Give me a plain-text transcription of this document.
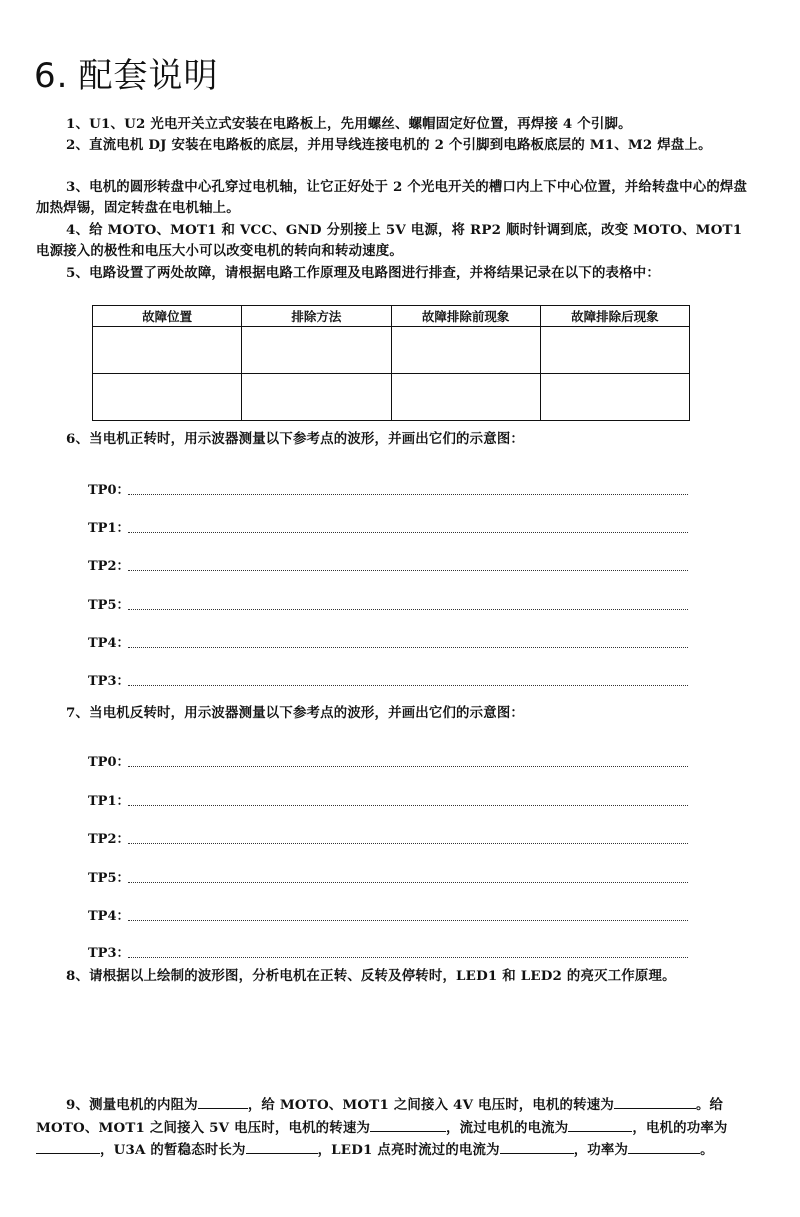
6. 配套说明
1、U1、U2 光电开关立式安装在电路板上，先用螺丝、螺帽固定好位置，再焊接 4 个引脚。
2、直流电机 DJ 安装在电路板的底层，并用导线连接电机的 2 个引脚到电路板底层的 M1、M2 焊盘上。
3、电机的圆形转盘中心孔穿过电机轴，让它正好处于 2 个光电开关的槽口内上下中心位置，并给转盘中心的焊盘加热焊锡，固定转盘在电机轴上。
4、给 MOTO、MOT1 和 VCC、GND 分别接上 5V 电源，将 RP2 顺时针调到底，改变 MOTO、MOT1 电源接入的极性和电压大小可以改变电机的转向和转动速度。
5、电路设置了两处故障，请根据电路工作原理及电路图进行排查，并将结果记录在以下的表格中：
故障位置	排除方法	故障排除前现象	故障排除后现象

6、当电机正转时，用示波器测量以下参考点的波形，并画出它们的示意图：
TP0：
TP1：
TP2：
TP5：
TP4：
TP3：
7、当电机反转时，用示波器测量以下参考点的波形，并画出它们的示意图：
TP0：
TP1：
TP2：
TP5：
TP4：
TP3：
8、请根据以上绘制的波形图，分析电机在正转、反转及停转时，LED1 和 LED2 的亮灭工作原理。
9、测量电机的内阻为	，给 MOTO、MOT1 之间接入 4V 电压时，电机的转速为	。给 MOTO、MOT1 之间接入 5V 电压时，电机的转速为	，流过电机的电流为	，电机的功率为，U3A 的暂稳态时长为	，LED1 点亮时流过的电流为	，功率为	。
